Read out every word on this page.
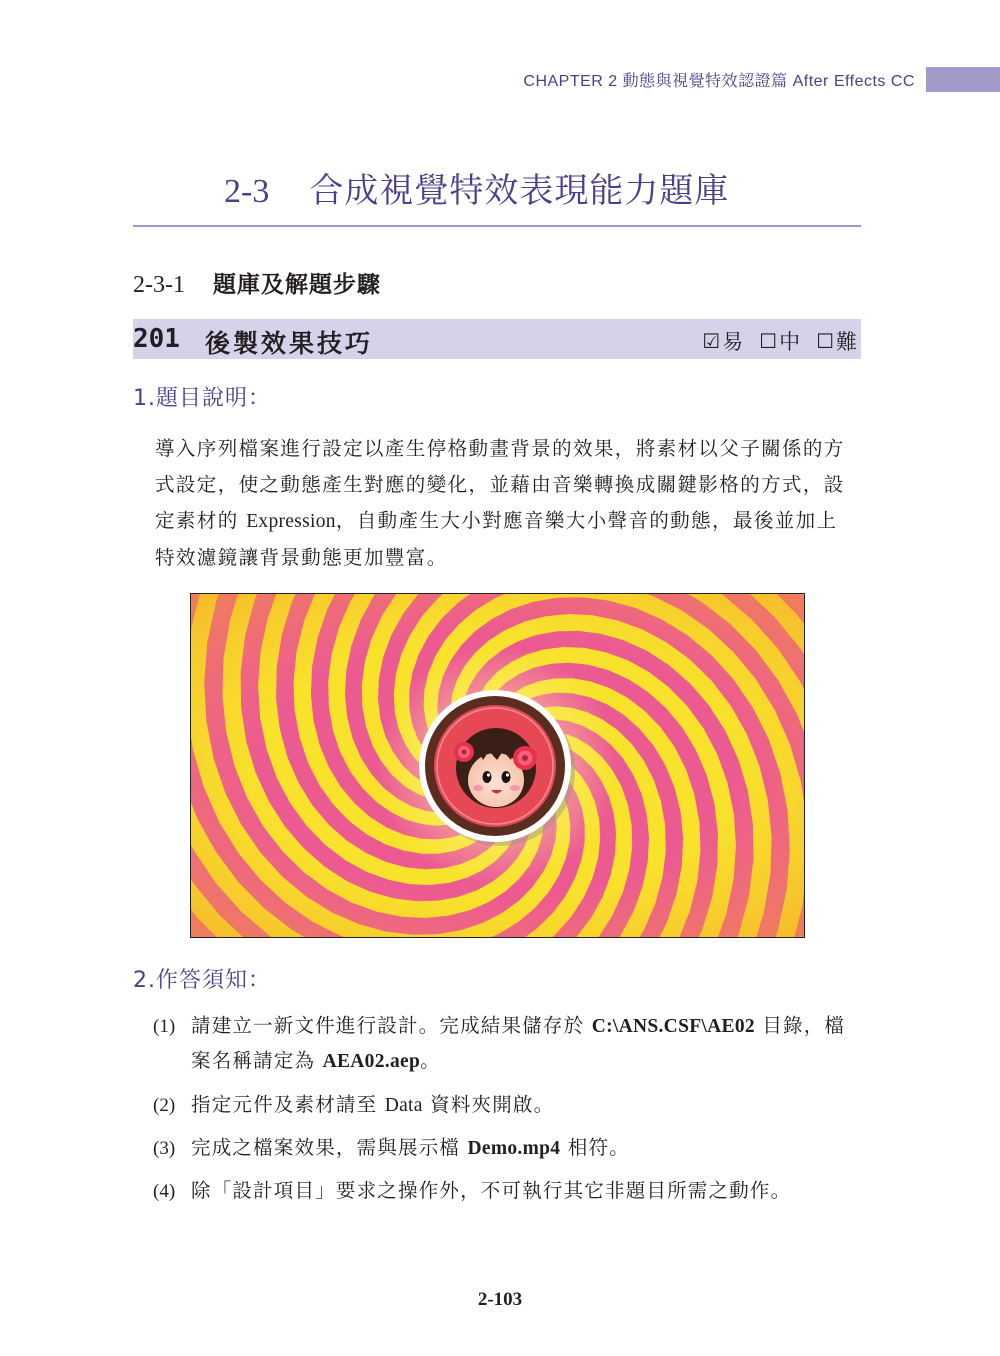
CHAPTER 2 動態與視覺特效認證篇 After Effects CC
2-3 合成視覺特效表現能力題庫
2-3-1 題庫及解題步驟
201 後製效果技巧	☑ 易 ☐ 中 ☐ 難
1.題目說明：

導入序列檔案進行設定以產生停格動畫背景的效果，將素材以父子關係的方

式設定，使之動態產生對應的變化，並藉由音樂轉換成關鍵影格的方式，設

定素材的 Expression，自動產生大小對應音樂大小聲音的動態，最後並加上

特效濾鏡讓背景動態更加豐富。

2.作答須知：
(1) 請建立一新文件進行設計。完成結果儲存於 C:\ANS.CSF\AE02 目錄，檔
案名稱請定為 AEA02.aep。
(2) 指定元件及素材請至 Data 資料夾開啟。
(3) 完成之檔案效果，需與展示檔 Demo.mp4 相符。
(4) 除「設計項目」要求之操作外，不可執行其它非題目所需之動作。
2-103
